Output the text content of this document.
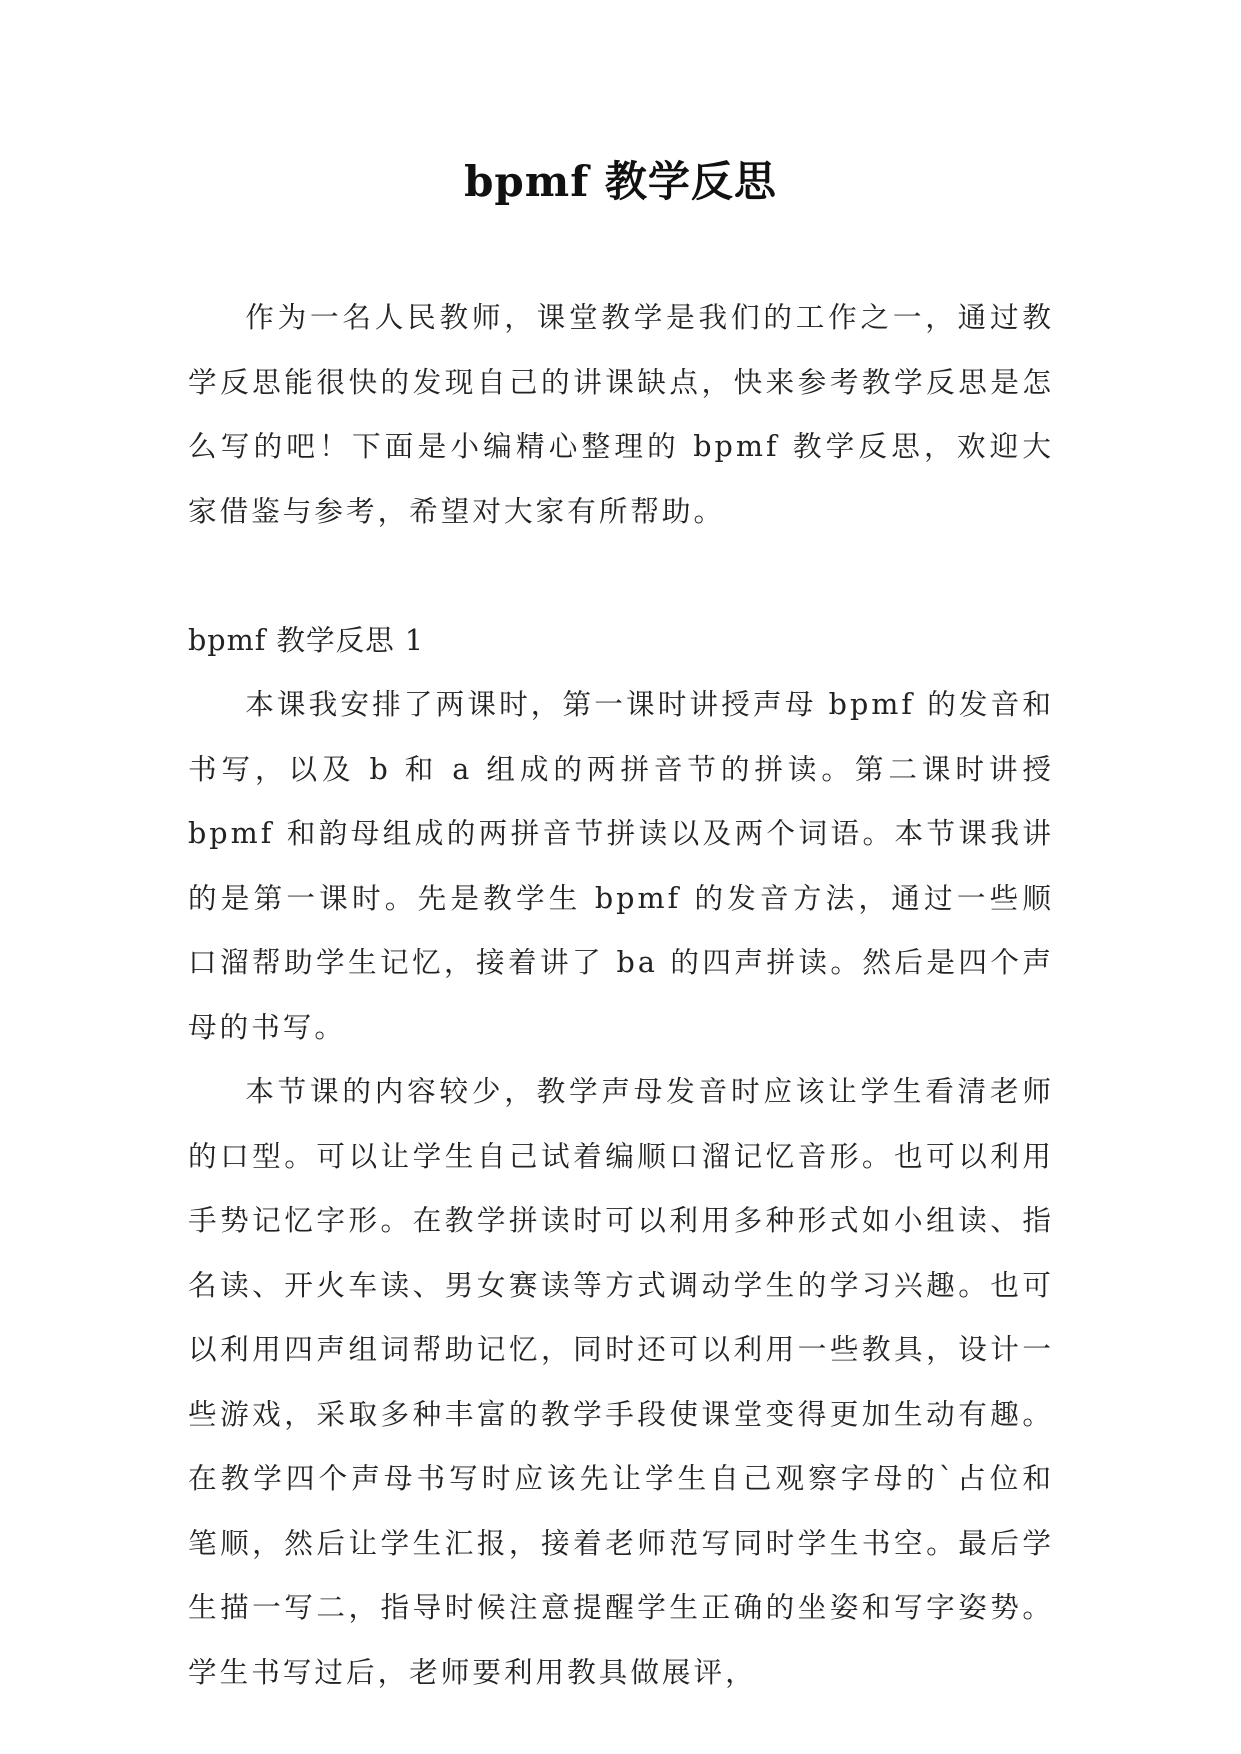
bpmf 教学反思

作为一名人民教师，课堂教学是我们的工作之一，通过教学反思能很快的发现自己的讲课缺点，快来参考教学反思是怎么写的吧！下面是小编精心整理的 bpmf 教学反思，欢迎大家借鉴与参考，希望对大家有所帮助。

bpmf 教学反思 1

本课我安排了两课时，第一课时讲授声母 bpmf 的发音和书写，以及 b 和 a 组成的两拼音节的拼读。第二课时讲授 bpmf 和韵母组成的两拼音节拼读以及两个词语。本节课我讲的是第一课时。先是教学生 bpmf 的发音方法，通过一些顺口溜帮助学生记忆，接着讲了 ba 的四声拼读。然后是四个声母的书写。

本节课的内容较少，教学声母发音时应该让学生看清老师的口型。可以让学生自己试着编顺口溜记忆音形。也可以利用手势记忆字形。在教学拼读时可以利用多种形式如小组读、指名读、开火车读、男女赛读等方式调动学生的学习兴趣。也可以利用四声组词帮助记忆，同时还可以利用一些教具，设计一些游戏，采取多种丰富的教学手段使课堂变得更加生动有趣。在教学四个声母书写时应该先让学生自己观察字母的`占位和笔顺，然后让学生汇报，接着老师范写同时学生书空。最后学生描一写二，指导时候注意提醒学生正确的坐姿和写字姿势。学生书写过后，老师要利用教具做展评，
